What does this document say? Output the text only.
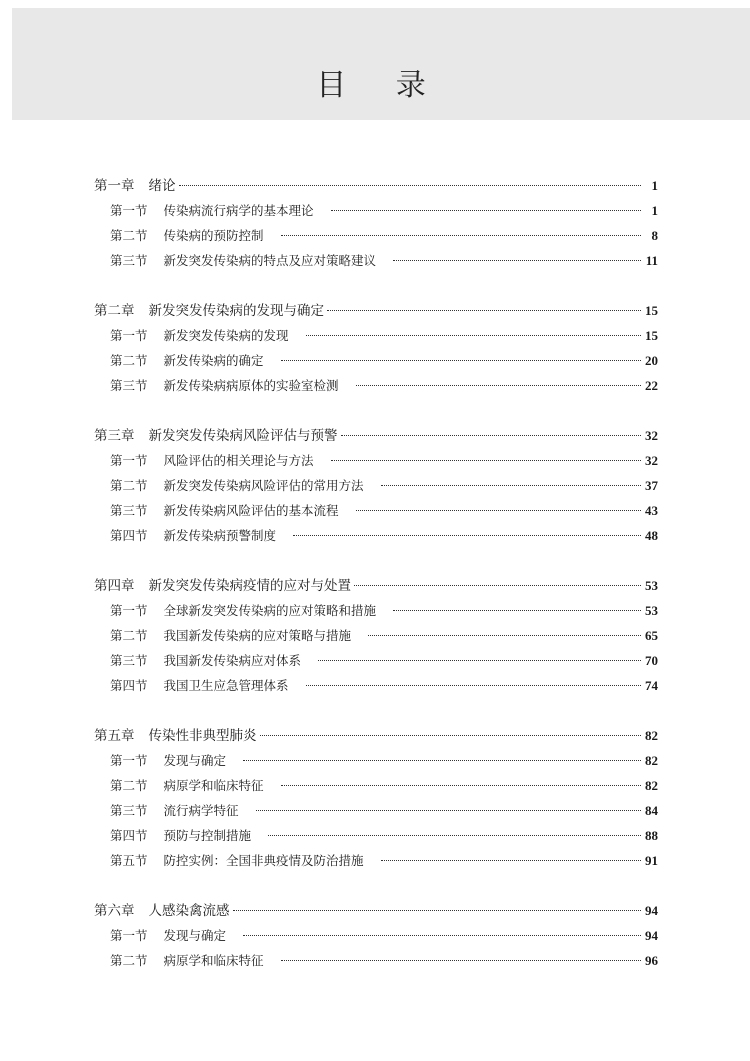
目 录
第一章 绪论	1
第一节 传染病流行病学的基本理论	1
第二节 传染病的预防控制	8
第三节 新发突发传染病的特点及应对策略建议	11
第二章 新发突发传染病的发现与确定	15
第一节 新发突发传染病的发现	15
第二节 新发传染病的确定	20
第三节 新发传染病病原体的实验室检测	22
第三章 新发突发传染病风险评估与预警	32
第一节 风险评估的相关理论与方法	32
第二节 新发突发传染病风险评估的常用方法	37
第三节 新发传染病风险评估的基本流程	43
第四节 新发传染病预警制度	48
第四章 新发突发传染病疫情的应对与处置	53
第一节 全球新发突发传染病的应对策略和措施	53
第二节 我国新发传染病的应对策略与措施	65
第三节 我国新发传染病应对体系	70
第四节 我国卫生应急管理体系	74
第五章 传染性非典型肺炎	82
第一节 发现与确定	82
第二节 病原学和临床特征	82
第三节 流行病学特征	84
第四节 预防与控制措施	88
第五节 防控实例：全国非典疫情及防治措施	91
第六章 人感染禽流感	94
第一节 发现与确定	94
第二节 病原学和临床特征	96
